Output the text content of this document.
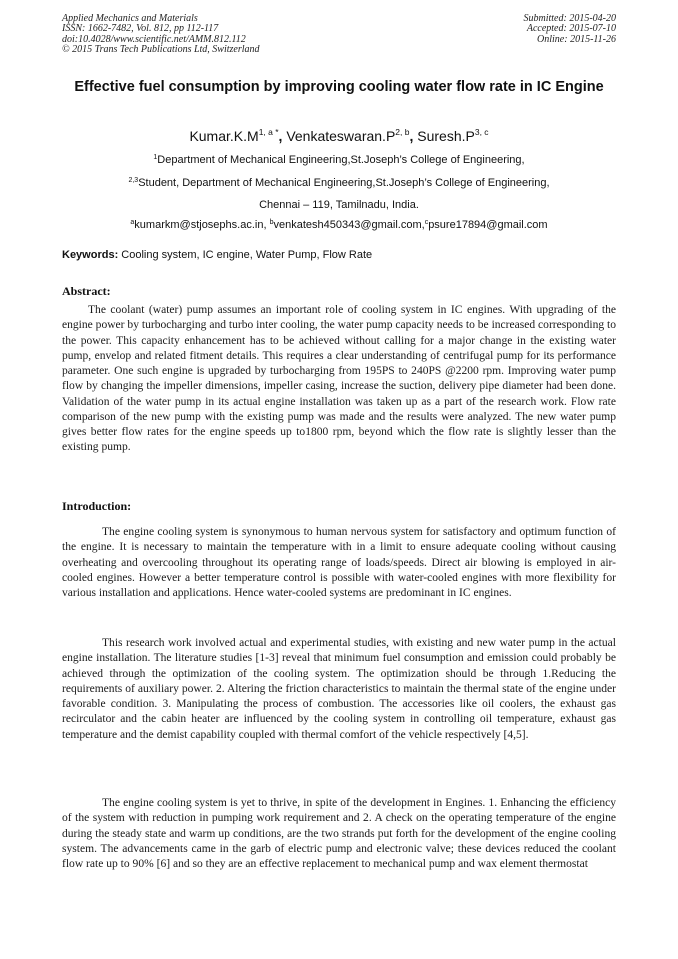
Applied Mechanics and Materials
ISSN: 1662-7482, Vol. 812, pp 112-117
doi:10.4028/www.scientific.net/AMM.812.112
© 2015 Trans Tech Publications Ltd, Switzerland
Submitted: 2015-04-20
Accepted: 2015-07-10
Online: 2015-11-26
Effective fuel consumption by improving cooling water flow rate in IC Engine
$Kumar.K.M^{1, a *}$, $Venkateswaran.P^{2, b}$, $Suresh.P^{3, c}$
$^1$Department of Mechanical Engineering,St.Joseph’s College of Engineering,
$^{2,3}$Student, Department of Mechanical Engineering,St.Joseph’s College of Engineering,
Chennai – 119, Tamilnadu, India.
$^a$kumarkm@stjosephs.ac.in, $^b$venkatesh450343@gmail.com,$^c$psure17894@gmail.com
Keywords: Cooling system, IC engine, Water Pump, Flow Rate
Abstract:
The coolant (water) pump assumes an important role of cooling system in IC engines. With upgrading of the engine power by turbocharging and turbo inter cooling, the water pump capacity needs to be increased corresponding to the power. This capacity enhancement has to be achieved without calling for a major change in the existing water pump, envelop and related fitment details. This requires a clear understanding of centrifugal pump for its performance parameter. One such engine is upgraded by turbocharging from 195PS to 240PS @2200 rpm. Improving water pump flow by changing the impeller dimensions, impeller casing, increase the suction, delivery pipe diameter had been done. Validation of the water pump in its actual engine installation was taken up as a part of the research work. Flow rate comparison of the new pump with the existing pump was made and the results were analyzed. The new water pump gives better flow rates for the engine speeds up to1800 rpm, beyond which the flow rate is slightly lesser than the existing pump.
Introduction:
The engine cooling system is synonymous to human nervous system for satisfactory and optimum function of the engine. It is necessary to maintain the temperature with in a limit to ensure adequate cooling without causing overheating and overcooling throughout its operating range of loads/speeds. Direct air blowing is employed in air-cooled engines. However a better temperature control is possible with water-cooled engines with more flexibility for various installation and applications. Hence water-cooled systems are predominant in IC engines.
This research work involved actual and experimental studies, with existing and new water pump in the actual engine installation. The literature studies [1-3] reveal that minimum fuel consumption and emission could probably be achieved through the optimization of the cooling system. The optimization should be through 1.Reducing the requirements of auxiliary power. 2. Altering the friction characteristics to maintain the thermal state of the engine under favorable condition. 3. Manipulating the process of combustion. The accessories like oil coolers, the exhaust gas recirculator and the cabin heater are influenced by the cooling system in controlling oil temperature, exhaust gas temperature and the demist capability coupled with thermal comfort of the vehicle respectively [4,5].
The engine cooling system is yet to thrive, in spite of the development in Engines. 1. Enhancing the efficiency of the system with reduction in pumping work requirement and 2. A check on the operating temperature of the engine during the steady state and warm up conditions, are the two strands put forth for the development of the engine cooling system. The advancements came in the garb of electric pump and electronic valve; these devices reduced the coolant flow rate up to 90% [6] and so they are an effective replacement to mechanical pump and wax element thermostat
